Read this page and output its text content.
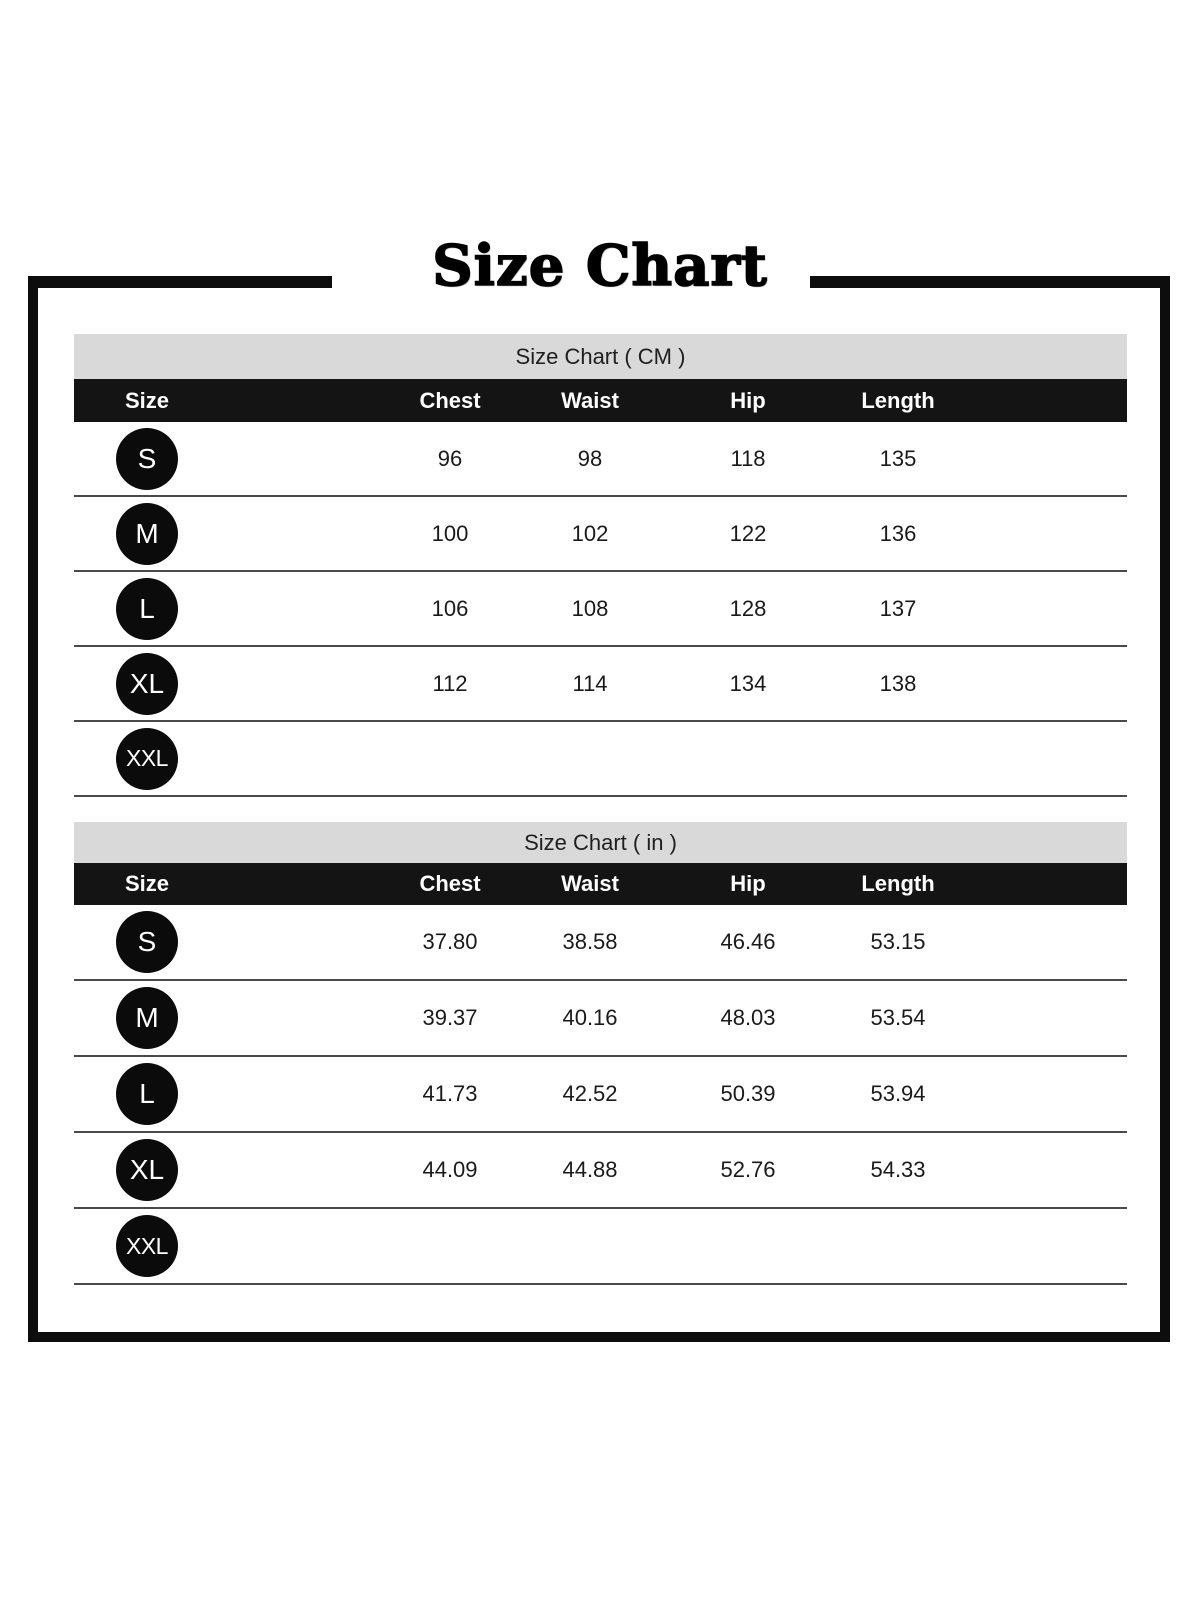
Size Chart
Size Chart ( CM )
Size	Chest	Waist	Hip	Length
S	96	98	118	135
M	100	102	122	136
L	106	108	128	137
XL	112	114	134	138
XXL
Size Chart ( in )
Size	Chest	Waist	Hip	Length
S	37.80	38.58	46.46	53.15
M	39.37	40.16	48.03	53.54
L	41.73	42.52	50.39	53.94
XL	44.09	44.88	52.76	54.33
XXL
